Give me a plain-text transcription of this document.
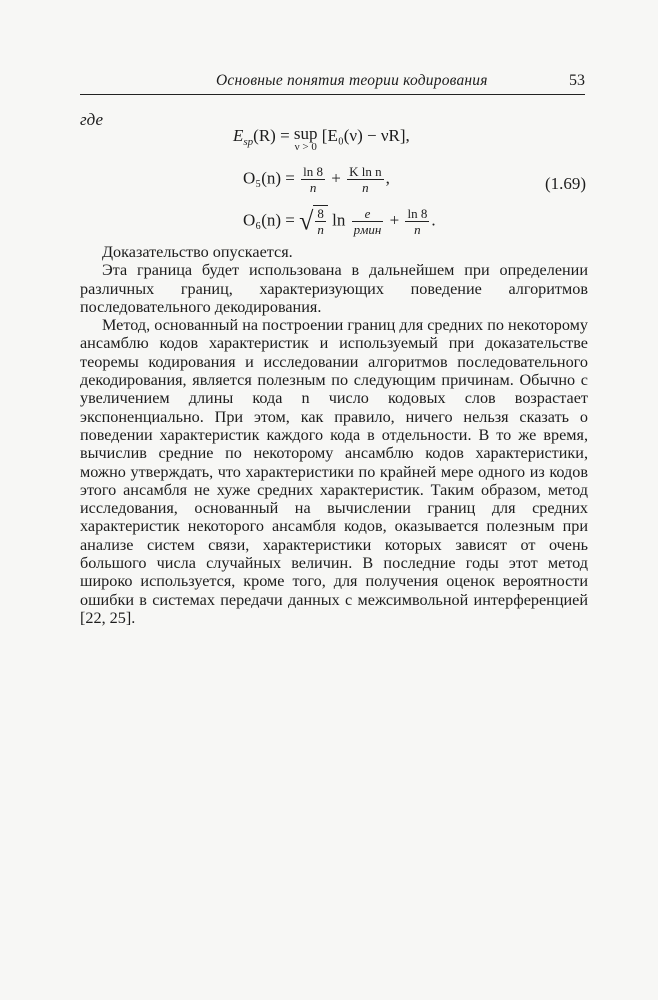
Основные понятия теории кодирования	53
где
$E_{sp}(R)$ = sup
ν > 0
[E₀(ν) − νR],
$O_5(n) = \frac{\ln 8}{n} + \frac{\text{K ln n}}{n}$ ,	(1.69)
O₆(n) = √ $\frac{8}{n}$ $\ln \frac{e}{\text{pмин}} + \frac{\ln 8}{n}$ .

Доказательство опускается.

Эта граница будет использована в дальнейшем при определении различных границ, характеризующих поведение алгоритмов последовательного декодирования.

Метод, основанный на построении границ для средних по некоторому ансамблю кодов характеристик и используемый при доказательстве теоремы кодирования и исследовании алгоритмов последовательного декодирования, является полезным по следующим причинам. Обычно с увеличением длины кода n число кодовых слов возрастает экспоненциально. При этом, как правило, ничего нельзя сказать о поведении характеристик каждого кода в отдельности. В то же время, вычислив средние по некоторому ансамблю кодов характеристики, можно утверждать, что характеристики по крайней мере одного из кодов этого ансамбля не хуже средних характеристик. Таким образом, метод исследования, основанный на вычислении границ для средних характеристик некоторого ансамбля кодов, оказывается полезным при анализе систем связи, характеристики которых зависят от очень большого числа случайных величин. В последние годы этот метод широко используется, кроме того, для получения оценок вероятности ошибки в системах передачи данных с межсимвольной интерференцией [22, 25].
